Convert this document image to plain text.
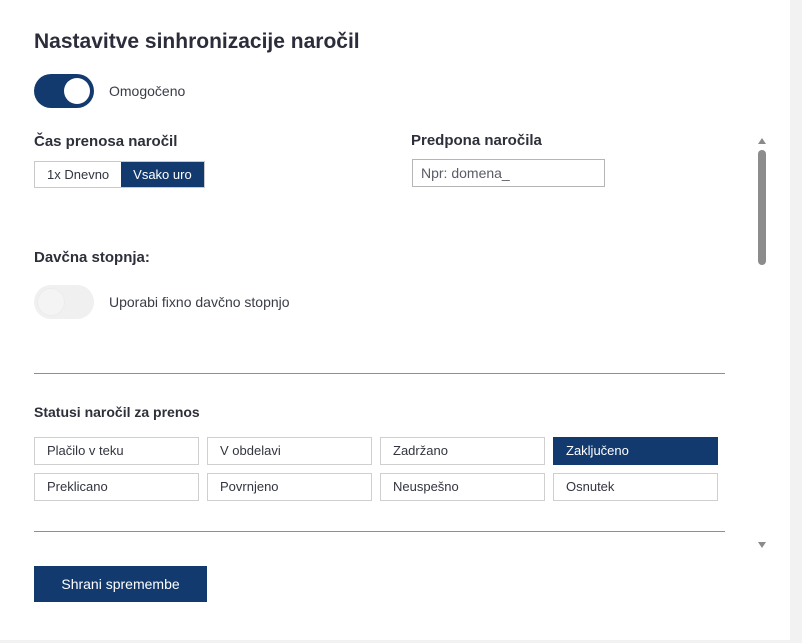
Nastavitve sinhronizacije naročil
Omogočeno
Čas prenosa naročil
1x Dnevno	Vsako uro
Predpona naročila
Npr: domena_
Davčna stopnja:
Uporabi fixno davčno stopnjo
Statusi naročil za prenos
Plačilo v teku	V obdelavi	Zadržano	Zaključeno
Preklicano	Povrnjeno	Neuspešno	Osnutek
Shrani spremembe
